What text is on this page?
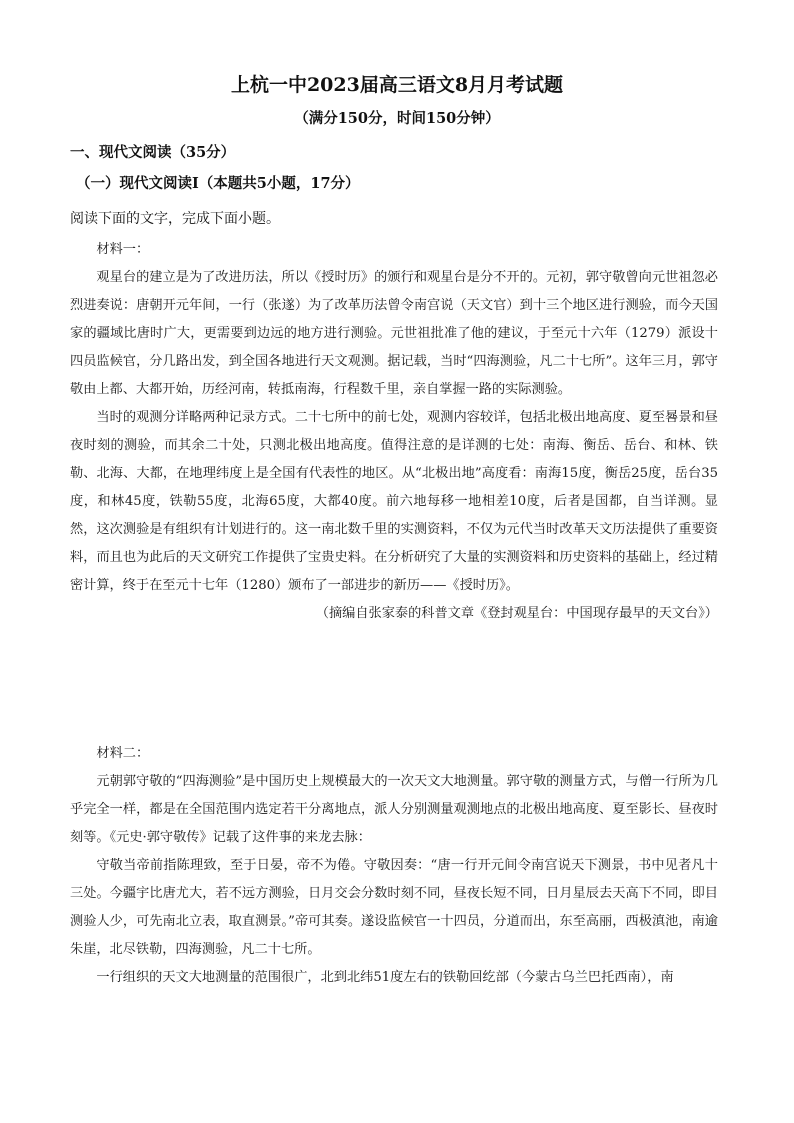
上杭一中2023届高三语文8月月考试题
（满分150分，时间150分钟）
一、现代文阅读（35分）
（一）现代文阅读Ⅰ（本题共5小题，17分）
阅读下面的文字，完成下面小题。

材料一：

观星台的建立是为了改进历法，所以《授时历》的颁行和观星台是分不开的。元初，郭守敬曾向元世祖忽必烈进奏说：唐朝开元年间，一行（张遂）为了改革历法曾令南宫说（天文官）到十三个地区进行测验，而今天国家的疆域比唐时广大，更需要到边远的地方进行测验。元世祖批准了他的建议，于至元十六年（1279）派设十四员监候官，分几路出发，到全国各地进行天文观测。据记载，当时“四海测验，凡二十七所”。这年三月，郭守敬由上都、大都开始，历经河南，转抵南海，行程数千里，亲自掌握一路的实际测验。

当时的观测分详略两种记录方式。二十七所中的前七处，观测内容较详，包括北极出地高度、夏至晷景和昼夜时刻的测验，而其余二十处，只测北极出地高度。值得注意的是详测的七处：南海、衡岳、岳台、和林、铁勒、北海、大都，在地理纬度上是全国有代表性的地区。从“北极出地”高度看：南海15度，衡岳25度，岳台35度，和林45度，铁勒55度，北海65度，大都40度。前六地每移一地相差10度，后者是国都，自当详测。显然，这次测验是有组织有计划进行的。这一南北数千里的实测资料，不仅为元代当时改革天文历法提供了重要资料，而且也为此后的天文研究工作提供了宝贵史料。在分析研究了大量的实测资料和历史资料的基础上，经过精密计算，终于在至元十七年（1280）颁布了一部进步的新历——《授时历》。

（摘编自张家泰的科普文章《登封观星台：中国现存最早的天文台》）

材料二：

元朝郭守敬的“四海测验”是中国历史上规模最大的一次天文大地测量。郭守敬的测量方式，与僧一行所为几乎完全一样，都是在全国范围内选定若干分离地点，派人分别测量观测地点的北极出地高度、夏至影长、昼夜时刻等。《元史·郭守敬传》记载了这件事的来龙去脉：

守敬当帝前指陈理致，至于日晏，帝不为倦。守敬因奏：“唐一行开元间令南宫说天下测景，书中见者凡十三处。今疆宇比唐尤大，若不远方测验，日月交会分数时刻不同，昼夜长短不同，日月星辰去天高下不同，即目测验人少，可先南北立表，取直测景。”帝可其奏。遂设监候官一十四员，分道而出，东至高丽，西极滇池，南逾朱崖，北尽铁勒，四海测验，凡二十七所。

一行组织的天文大地测量的范围很广，北到北纬51度左右的铁勒回纥部（今蒙古乌兰巴托西南），南
